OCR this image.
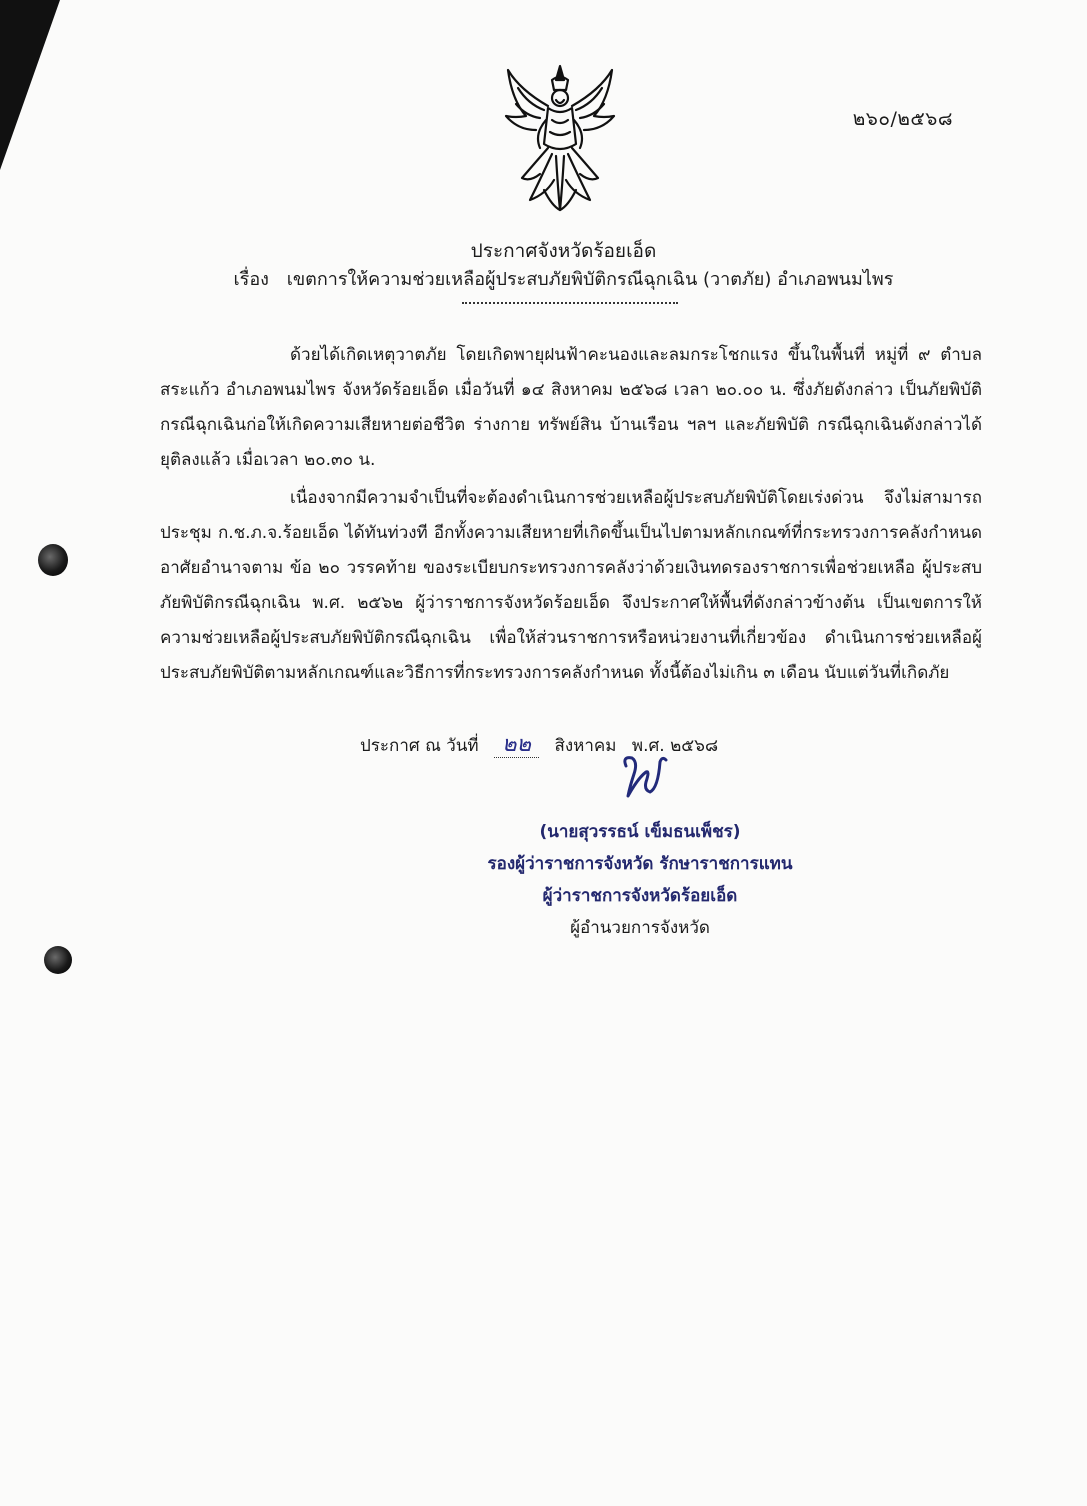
๒๖๐/๒๕๖๘
ประกาศจังหวัดร้อยเอ็ด
เรื่อง เขตการให้ความช่วยเหลือผู้ประสบภัยพิบัติกรณีฉุกเฉิน (วาตภัย) อำเภอพนมไพร
ด้วยได้เกิดเหตุวาตภัย โดยเกิดพายุฝนฟ้าคะนองและลมกระโชกแรง ขึ้นในพื้นที่ หมู่ที่ ๙ ตำบลสระแก้ว อำเภอพนมไพร จังหวัดร้อยเอ็ด เมื่อวันที่ ๑๔ สิงหาคม ๒๕๖๘ เวลา ๒๐.๐๐ น. ซึ่งภัยดังกล่าว เป็นภัยพิบัติกรณีฉุกเฉินก่อให้เกิดความเสียหายต่อชีวิต ร่างกาย ทรัพย์สิน บ้านเรือน ฯลฯ และภัยพิบัติ กรณีฉุกเฉินดังกล่าวได้ยุติลงแล้ว เมื่อเวลา ๒๐.๓๐ น.
เนื่องจากมีความจำเป็นที่จะต้องดำเนินการช่วยเหลือผู้ประสบภัยพิบัติโดยเร่งด่วน จึงไม่สามารถ ประชุม ก.ช.ภ.จ.ร้อยเอ็ด ได้ทันท่วงที อีกทั้งความเสียหายที่เกิดขึ้นเป็นไปตามหลักเกณฑ์ที่กระทรวงการคลังกำหนด อาศัยอำนาจตาม ข้อ ๒๐ วรรคท้าย ของระเบียบกระทรวงการคลังว่าด้วยเงินทดรองราชการเพื่อช่วยเหลือ ผู้ประสบภัยพิบัติกรณีฉุกเฉิน พ.ศ. ๒๕๖๒ ผู้ว่าราชการจังหวัดร้อยเอ็ด จึงประกาศให้พื้นที่ดังกล่าวข้างต้น เป็นเขตการให้ความช่วยเหลือผู้ประสบภัยพิบัติกรณีฉุกเฉิน เพื่อให้ส่วนราชการหรือหน่วยงานที่เกี่ยวข้อง ดำเนินการช่วยเหลือผู้ประสบภัยพิบัติตามหลักเกณฑ์และวิธีการที่กระทรวงการคลังกำหนด ทั้งนี้ต้องไม่เกิน ๓ เดือน นับแต่วันที่เกิดภัย
ประกาศ ณ วันที่ ๒๒ สิงหาคม พ.ศ. ๒๕๖๘
(นายสุวรรธน์ เข็มธนเพ็ชร)
รองผู้ว่าราชการจังหวัด รักษาราชการแทน
ผู้ว่าราชการจังหวัดร้อยเอ็ด
ผู้อำนวยการจังหวัด
